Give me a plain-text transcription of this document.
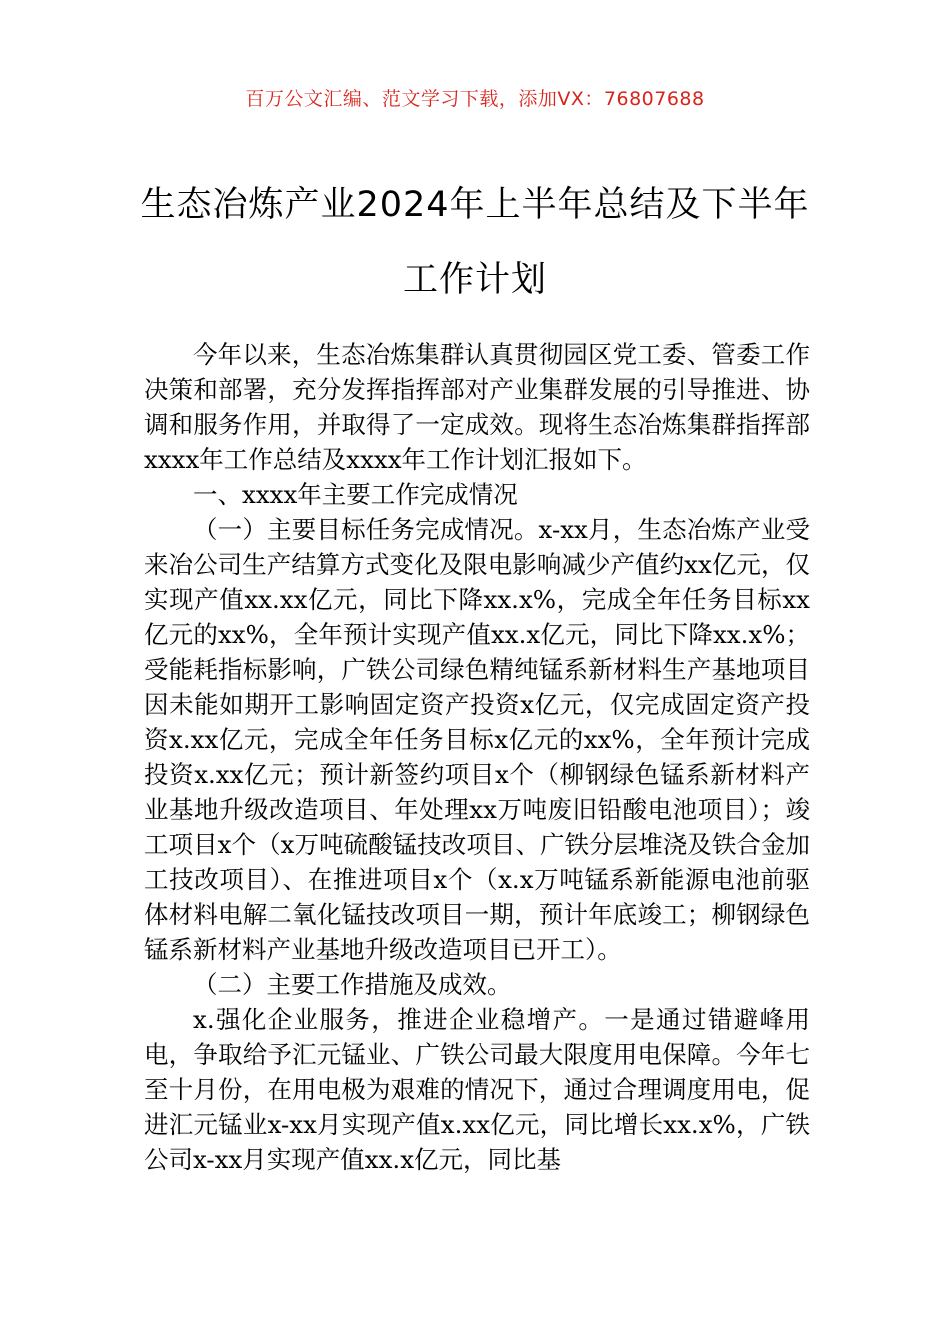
百万公文汇编、范文学习下载，添加VX：76807688

生态冶炼产业2024年上半年总结及下半年
工作计划

今年以来，生态冶炼集群认真贯彻园区党工委、管委工作决策和部署，充分发挥指挥部对产业集群发展的引导推进、协调和服务作用，并取得了一定成效。现将生态冶炼集群指挥部xxxx年工作总结及xxxx年工作计划汇报如下。

一、xxxx年主要工作完成情况

（一）主要目标任务完成情况。x-xx月，生态冶炼产业受来冶公司生产结算方式变化及限电影响减少产值约xx亿元，仅实现产值xx.xx亿元，同比下降xx.x%，完成全年任务目标xx亿元的xx%，全年预计实现产值xx.x亿元，同比下降xx.x%；受能耗指标影响，广铁公司绿色精纯锰系新材料生产基地项目因未能如期开工影响固定资产投资x亿元，仅完成固定资产投资x.xx亿元，完成全年任务目标x亿元的xx%，全年预计完成投资x.xx亿元；预计新签约项目x个（柳钢绿色锰系新材料产业基地升级改造项目、年处理xx万吨废旧铅酸电池项目）；竣工项目x个（x万吨硫酸锰技改项目、广铁分层堆浇及铁合金加工技改项目）、在推进项目x个（x.x万吨锰系新能源电池前驱体材料电解二氧化锰技改项目一期，预计年底竣工；柳钢绿色锰系新材料产业基地升级改造项目已开工）。

（二）主要工作措施及成效。

x.强化企业服务，推进企业稳增产。一是通过错避峰用电，争取给予汇元锰业、广铁公司最大限度用电保障。今年七至十月份，在用电极为艰难的情况下，通过合理调度用电，促进汇元锰业x-xx月实现产值x.xx亿元，同比增长xx.x%，广铁公司x-xx月实现产值xx.x亿元，同比基
